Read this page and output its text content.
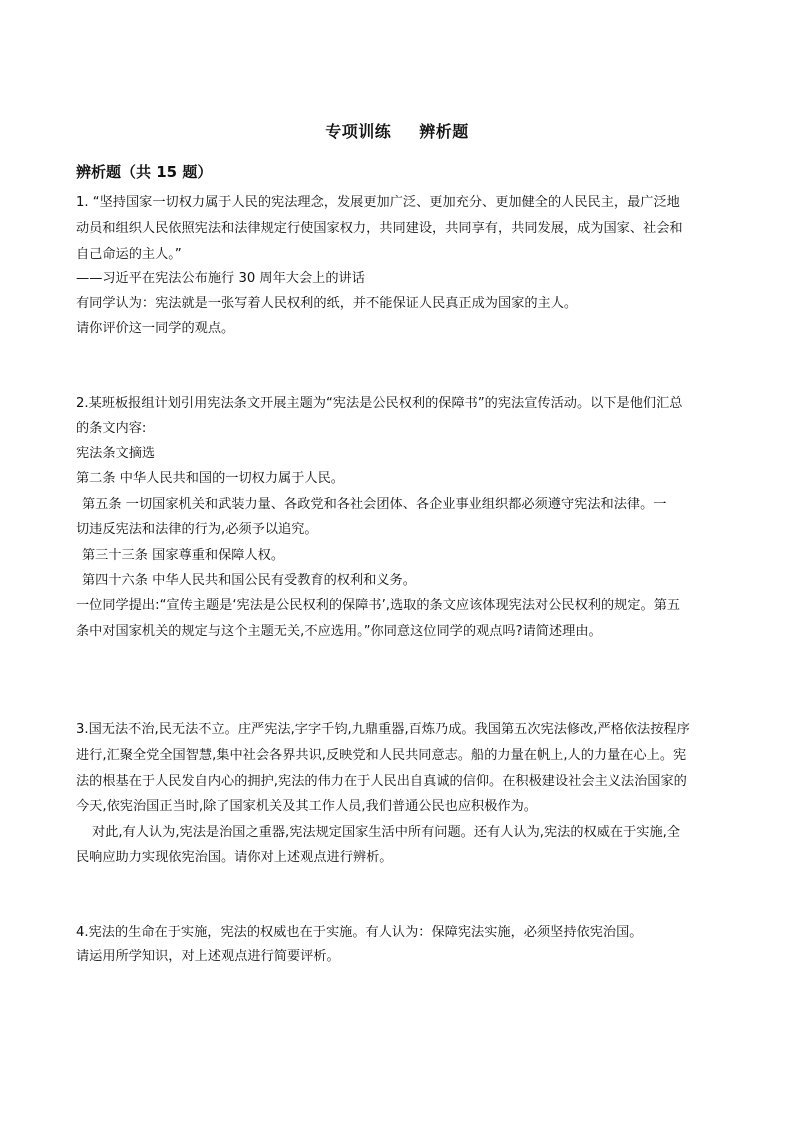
专项训练 辨析题
辨析题（共 15 题）
1. “坚持国家一切权力属于人民的宪法理念，发展更加广泛、更加充分、更加健全的人民民主，最广泛地
动员和组织人民依照宪法和法律规定行使国家权力，共同建设，共同享有，共同发展，成为国家、社会和
自己命运的主人。”
——习近平在宪法公布施行 30 周年大会上的讲话
有同学认为：宪法就是一张写着人民权利的纸，并不能保证人民真正成为国家的主人。
请你评价这一同学的观点。
2.某班板报组计划引用宪法条文开展主题为“宪法是公民权利的保障书”的宪法宣传活动。以下是他们汇总
的条文内容:
宪法条文摘选
第二条 中华人民共和国的一切权力属于人民。
第五条 一切国家机关和武装力量、各政党和各社会团体、各企业事业组织都必须遵守宪法和法律。一
切违反宪法和法律的行为,必须予以追究。
第三十三条 国家尊重和保障人权。
第四十六条 中华人民共和国公民有受教育的权利和义务。
一位同学提出:“宣传主题是‘宪法是公民权利的保障书’,选取的条文应该体现宪法对公民权利的规定。第五
条中对国家机关的规定与这个主题无关,不应选用。”你同意这位同学的观点吗?请简述理由。
3.国无法不治,民无法不立。庄严宪法,字字千钧,九鼎重器,百炼乃成。我国第五次宪法修改,严格依法按程序
进行,汇聚全党全国智慧,集中社会各界共识,反映党和人民共同意志。船的力量在帆上,人的力量在心上。宪
法的根基在于人民发自内心的拥护,宪法的伟力在于人民出自真诚的信仰。在积极建设社会主义法治国家的
今天,依宪治国正当时,除了国家机关及其工作人员,我们普通公民也应积极作为。
对此,有人认为,宪法是治国之重器,宪法规定国家生活中所有问题。还有人认为,宪法的权威在于实施,全
民响应助力实现依宪治国。请你对上述观点进行辨析。
4.宪法的生命在于实施，宪法的权威也在于实施。有人认为：保障宪法实施，必须坚持依宪治国。
请运用所学知识，对上述观点进行简要评析。
